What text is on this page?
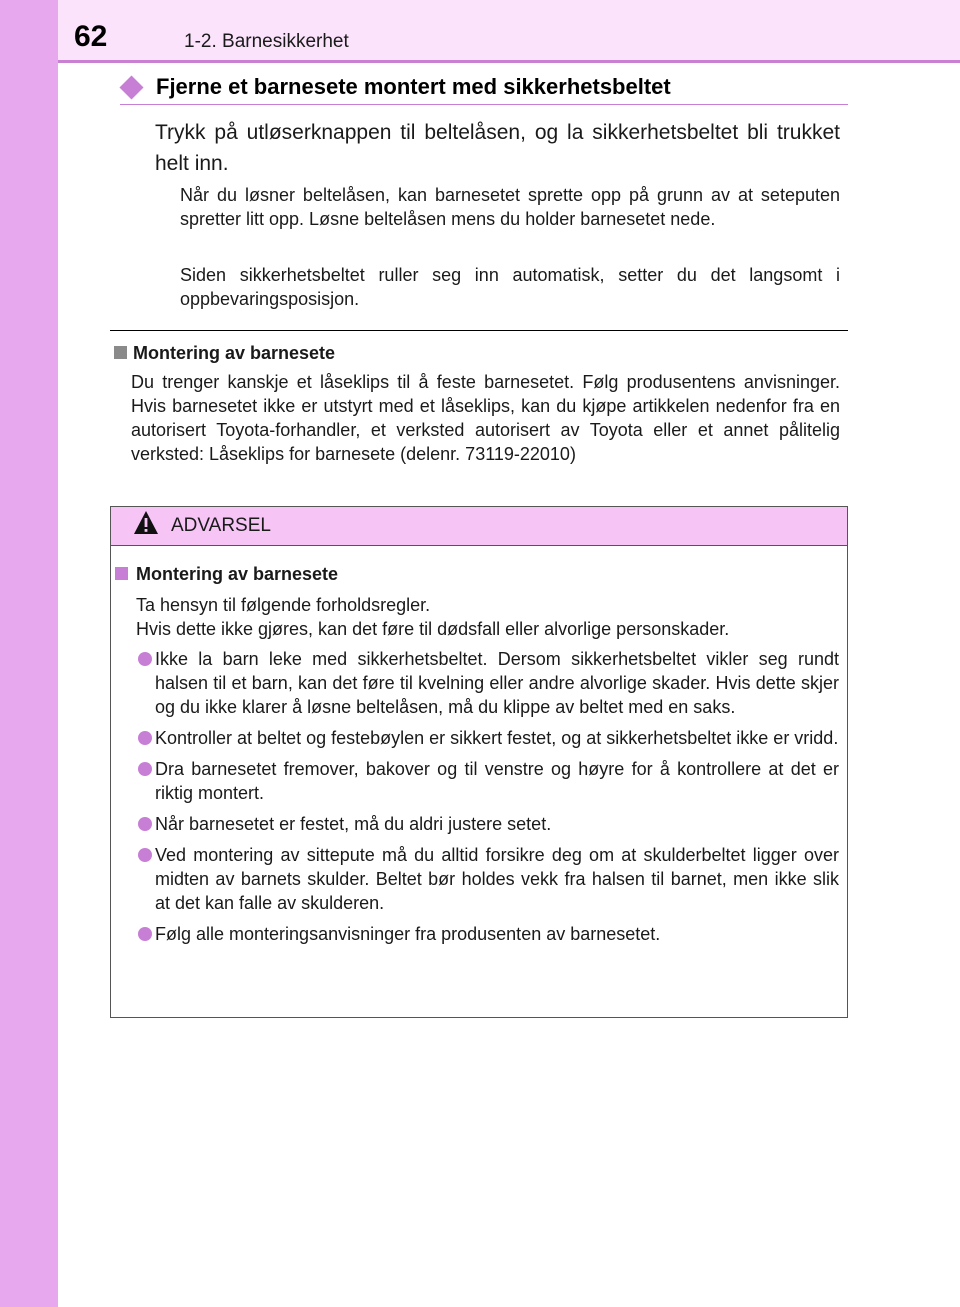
62	1-2. Barnesikkerhet
Fjerne et barnesete montert med sikkerhetsbeltet
Trykk på utløserknappen til beltelåsen, og la sikkerhetsbeltet bli trukket helt inn.
Når du løsner beltelåsen, kan barnesetet sprette opp på grunn av at seteputen spretter litt opp. Løsne beltelåsen mens du holder barnesetet nede.
Siden sikkerhetsbeltet ruller seg inn automatisk, setter du det langsomt i oppbevaringsposisjon.
Montering av barnesete
Du trenger kanskje et låseklips til å feste barnesetet. Følg produsentens anvisninger. Hvis barnesetet ikke er utstyrt med et låseklips, kan du kjøpe artikkelen nedenfor fra en autorisert Toyota-forhandler, et verksted autorisert av Toyota eller et annet pålitelig verksted: Låseklips for barnesete (delenr. 73119-22010)
ADVARSEL
Montering av barnesete
Ta hensyn til følgende forholdsregler.
Hvis dette ikke gjøres, kan det føre til dødsfall eller alvorlige personskader.
Ikke la barn leke med sikkerhetsbeltet. Dersom sikkerhetsbeltet vikler seg rundt halsen til et barn, kan det føre til kvelning eller andre alvorlige skader. Hvis dette skjer og du ikke klarer å løsne beltelåsen, må du klippe av beltet med en saks.
Kontroller at beltet og festebøylen er sikkert festet, og at sikkerhetsbeltet ikke er vridd.
Dra barnesetet fremover, bakover og til venstre og høyre for å kontrollere at det er riktig montert.
Når barnesetet er festet, må du aldri justere setet.
Ved montering av sittepute må du alltid forsikre deg om at skulderbeltet ligger over midten av barnets skulder. Beltet bør holdes vekk fra halsen til barnet, men ikke slik at det kan falle av skulderen.
Følg alle monteringsanvisninger fra produsenten av barnesetet.
